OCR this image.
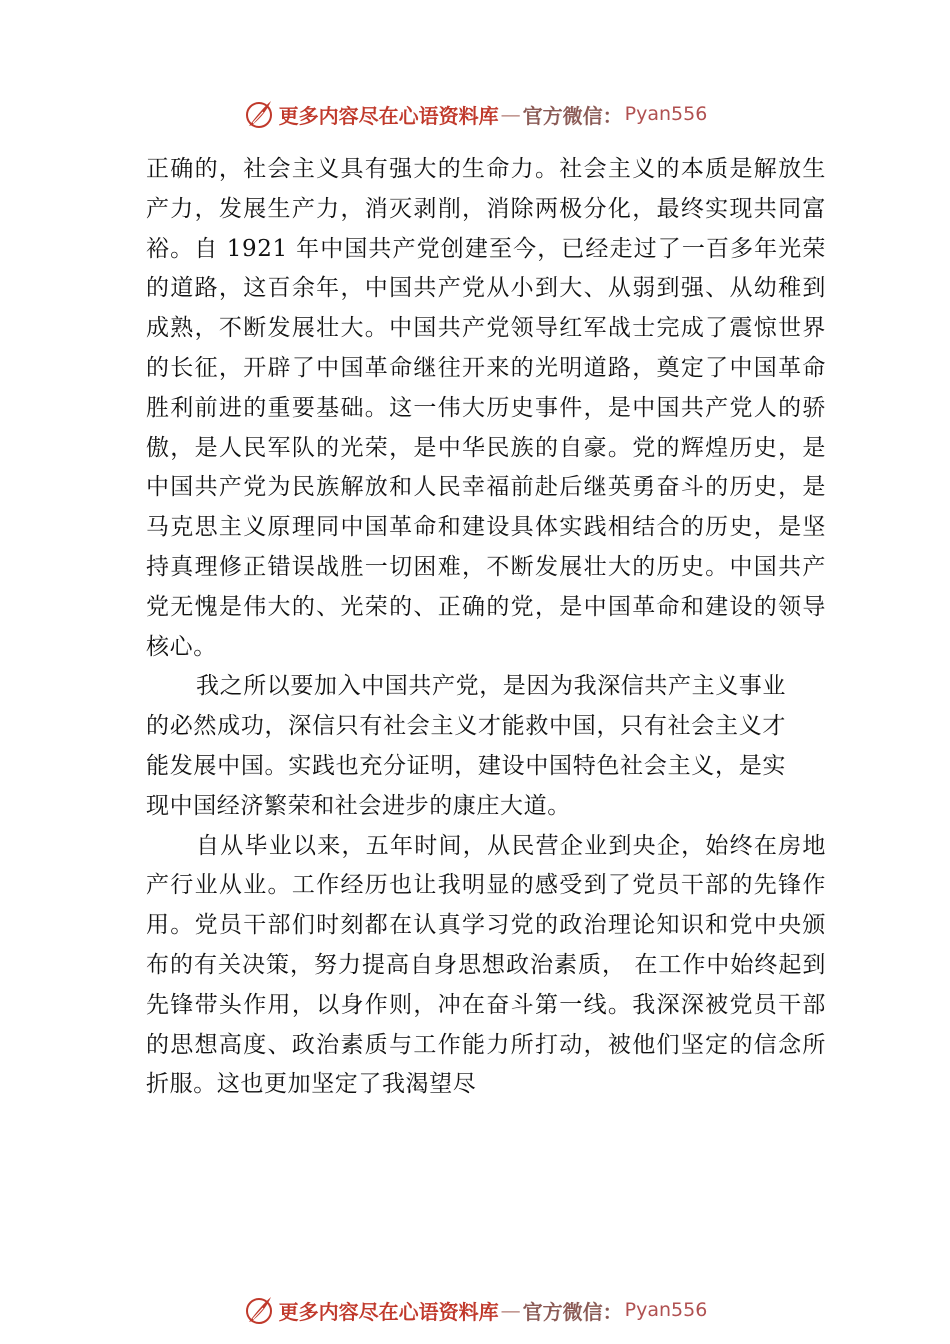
更多内容尽在心语资料库 — 官方微信： Pyan556

正确的，社会主义具有强大的生命力。社会主义的本质是解放生产力，发展生产力，消灭剥削，消除两极分化，最终实现共同富裕。自 1921 年中国共产党创建至今，已经走过了一百多年光荣的道路，这百余年，中国共产党从小到大、从弱到强、从幼稚到成熟，不断发展壮大。中国共产党领导红军战士完成了震惊世界的长征，开辟了中国革命继往开来的光明道路，奠定了中国革命胜利前进的重要基础。这一伟大历史事件，是中国共产党人的骄傲，是人民军队的光荣，是中华民族的自豪。党的辉煌历史，是中国共产党为民族解放和人民幸福前赴后继英勇奋斗的历史，是马克思主义原理同中国革命和建设具体实践相结合的历史，是坚持真理修正错误战胜一切困难，不断发展壮大的历史。中国共产党无愧是伟大的、光荣的、正确的党，是中国革命和建设的领导核心。

我之所以要加入中国共产党，是因为我深信共产主义事业的必然成功，深信只有社会主义才能救中国，只有社会主义才能发展中国。实践也充分证明，建设中国特色社会主义，是实现中国经济繁荣和社会进步的康庄大道。

自从毕业以来，五年时间，从民营企业到央企，始终在房地产行业从业。工作经历也让我明显的感受到了党员干部的先锋作用。党员干部们时刻都在认真学习党的政治理论知识和党中央颁布的有关决策，努力提高自身思想政治素质， 在工作中始终起到先锋带头作用，以身作则，冲在奋斗第一线。我深深被党员干部的思想高度、政治素质与工作能力所打动，被他们坚定的信念所折服。这也更加坚定了我渴望尽

更多内容尽在心语资料库 — 官方微信： Pyan556
